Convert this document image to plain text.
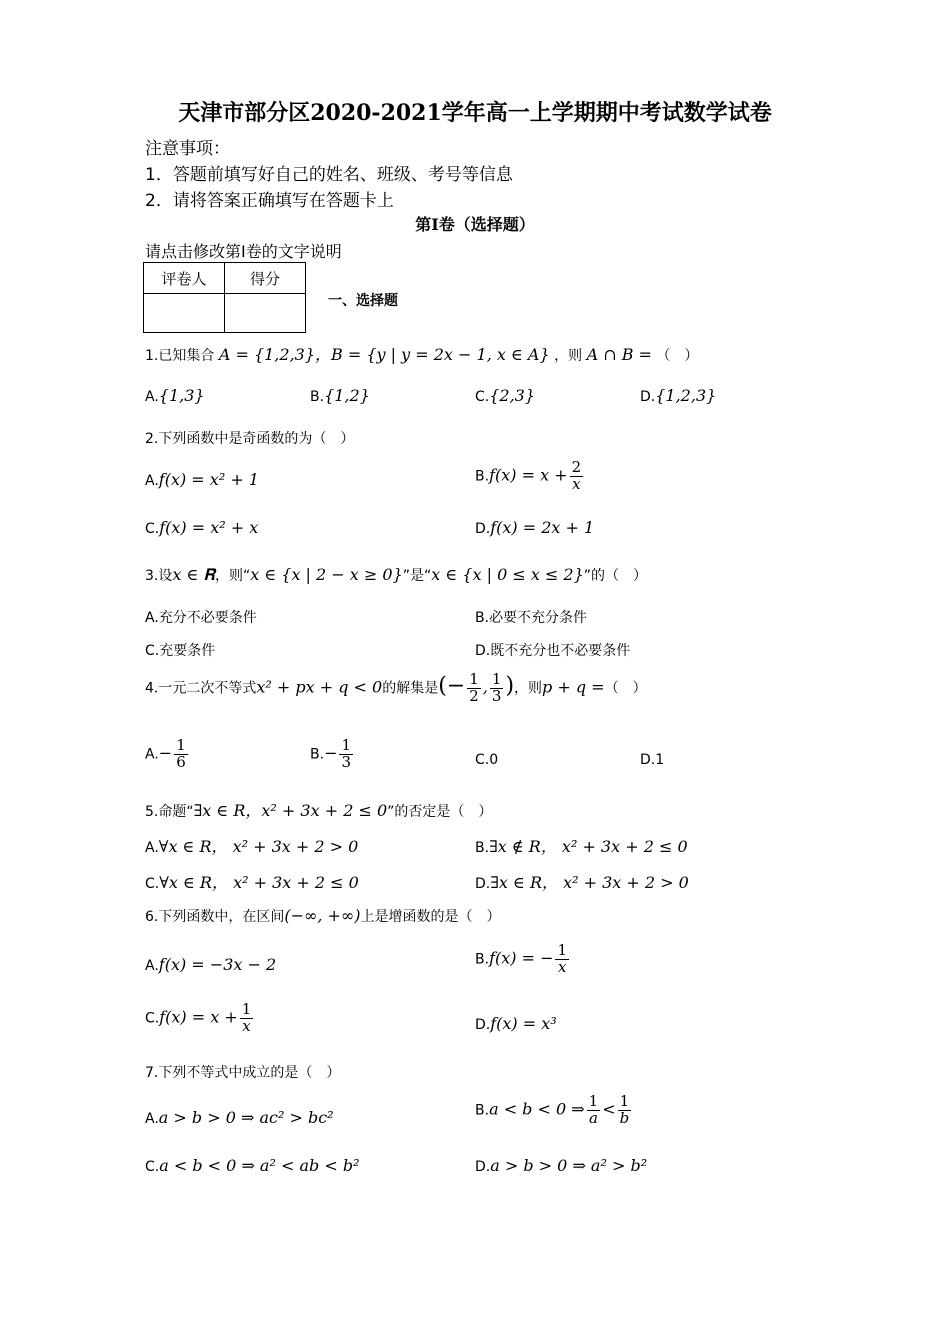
天津市部分区2020-2021学年高一上学期期中考试数学试卷
注意事项：
1．答题前填写好自己的姓名、班级、考号等信息
2．请将答案正确填写在答题卡上
第I卷（选择题）
请点击修改第I卷的文字说明
评卷人	得分

一、选择题
1.已知集合 A = {1,2,3}，B = {y | y = 2x − 1, x ∈ A} ，则 A ∩ B = （　）
A.{1,3}	B.{1,2}	C.{2,3}	D.{1,2,3}
2.下列函数中是奇函数的为（　）
A.f(x) = x² + 1	$B.f(x) = x + \frac{2}{x}$
C.f(x) = x² + x	D.f(x) = 2x + 1
3.设x ∈ 𝐑，则“x ∈ {x | 2 − x ≥ 0}”是“x ∈ {x | 0 ≤ x ≤ 2}”的（　）
A.充分不必要条件	B.必要不充分条件
C.充要条件	D.既不充分也不必要条件
4.一元二次不等式x² + px + q < 0的解集是(− $\frac{1}{2}$ , $\frac{1}{3}$ )，则p + q =（　）
$A.- \frac{1}{6}$	$B.- \frac{1}{3}$	C.0	D.1
5.命题“∃x ∈ R，x² + 3x + 2 ≤ 0”的否定是（　）
A.∀x ∈ R， x² + 3x + 2 > 0	B.∃x ∉ R， x² + 3x + 2 ≤ 0
C.∀x ∈ R， x² + 3x + 2 ≤ 0	D.∃x ∈ R， x² + 3x + 2 > 0
6.下列函数中，在区间(−∞, +∞)上是增函数的是（　）
A.f(x) = −3x − 2	B.f(x) = − $\frac{1}{x}$
$C.f(x) = x + \frac{1}{x}$	D.f(x) = x³
7.下列不等式中成立的是（　）
A.a > b > 0 ⇒ ac² > bc²	B.a < b < 0 ⇒ $\frac{1}{a} < \frac{1}{b}$
C.a < b < 0 ⇒ a² < ab < b²	D.a > b > 0 ⇒ a² > b²
